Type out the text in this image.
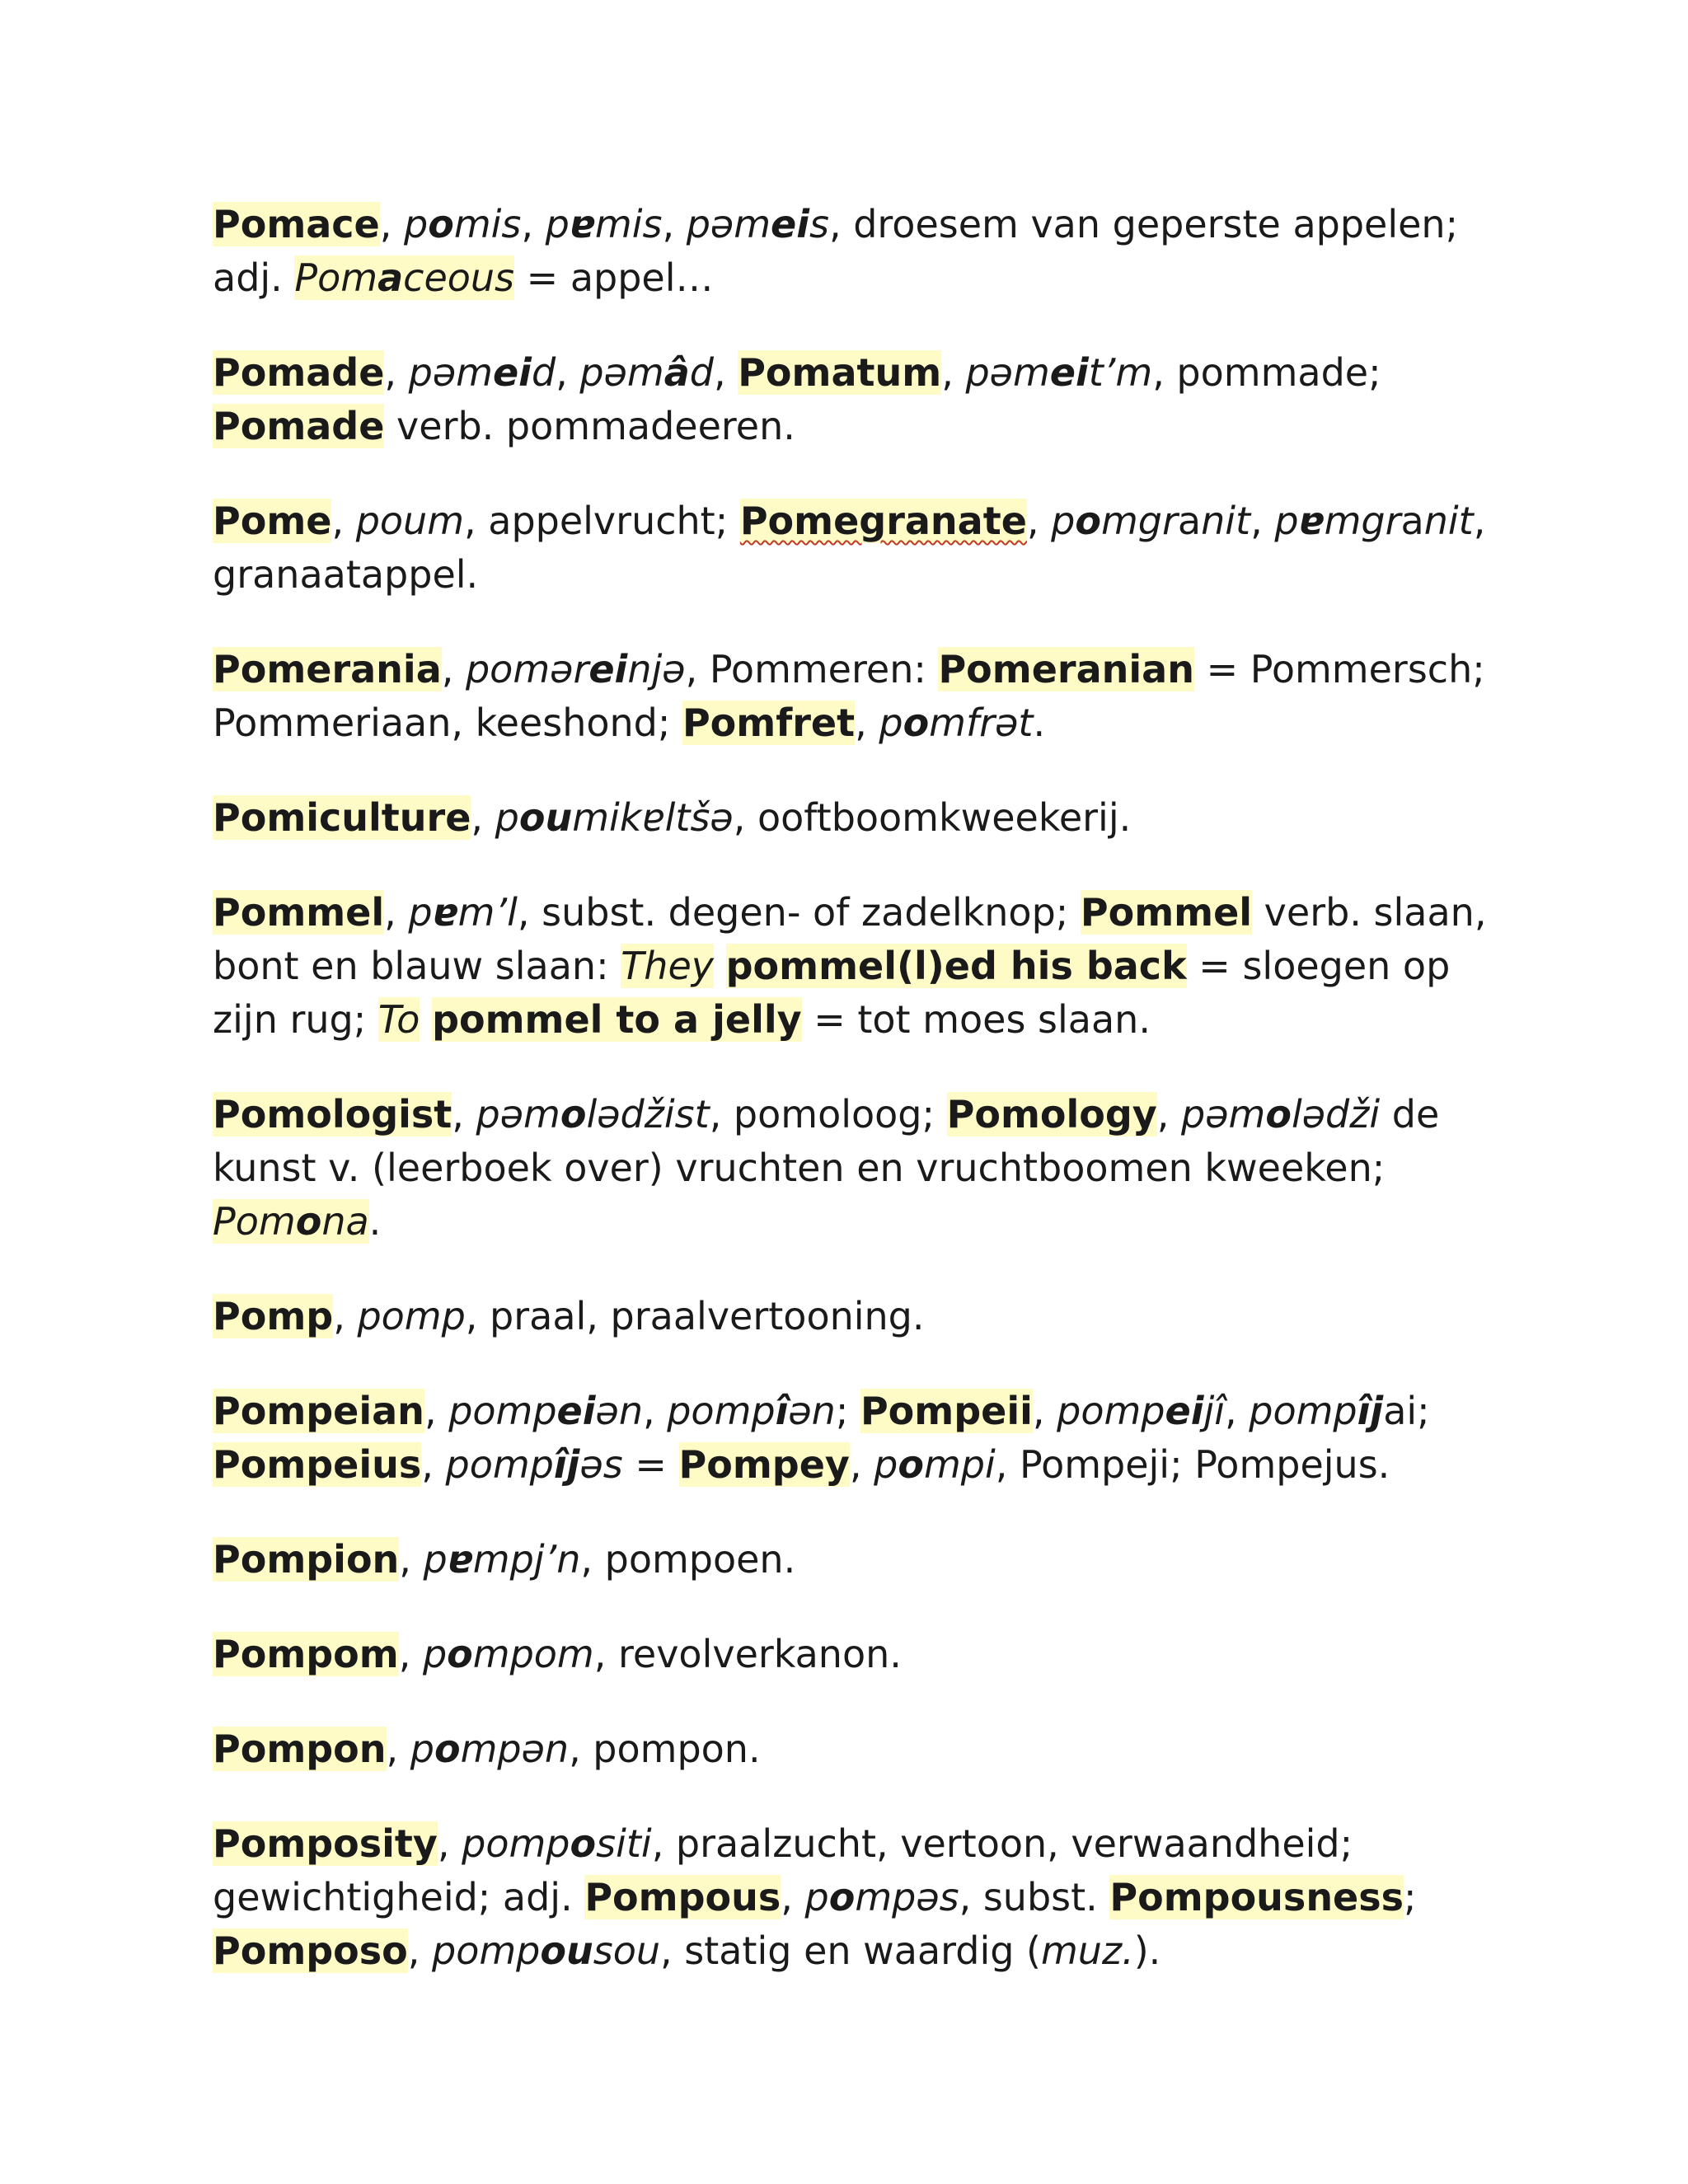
Pomace, pomis, pɐmis, pəmeis, droesem van geperste appelen;
adj. Pomaceous = appel…
Pomade, pəmeid, pəmâd, Pomatum, pəmeit’m, pommade;
Pomade verb. pommadeeren.
Pome, poum, appelvrucht; Pomegranate, pomgranit, pɐmgranit,
granaatappel.
Pomerania, poməreinjə, Pommeren: Pomeranian = Pommersch;
Pommeriaan, keeshond; Pomfret, pomfrət.
Pomiculture, poumikɐltšə, ooftboomkweekerij.
Pommel, pɐm’l, subst. degen- of zadelknop; Pommel verb. slaan,
bont en blauw slaan: They pommel(l)ed his back = sloegen op
zijn rug; To pommel to a jelly = tot moes slaan.
Pomologist, pəmolədžist, pomoloog; Pomology, pəmolədži de
kunst v. (leerboek over) vruchten en vruchtboomen kweeken;
Pomona.
Pomp, pomp, praal, praalvertooning.
Pompeian, pompeiən, pompîən; Pompeii, pompeijî, pompîjai;
Pompeius, pompîjəs = Pompey, pompi, Pompeji; Pompejus.
Pompion, pɐmpj’n, pompoen.
Pompom, pompom, revolverkanon.
Pompon, pompən, pompon.
Pomposity, pompositi, praalzucht, vertoon, verwaandheid;
gewichtigheid; adj. Pompous, pompəs, subst. Pompousness;
Pomposo, pompousou, statig en waardig (muz.).
